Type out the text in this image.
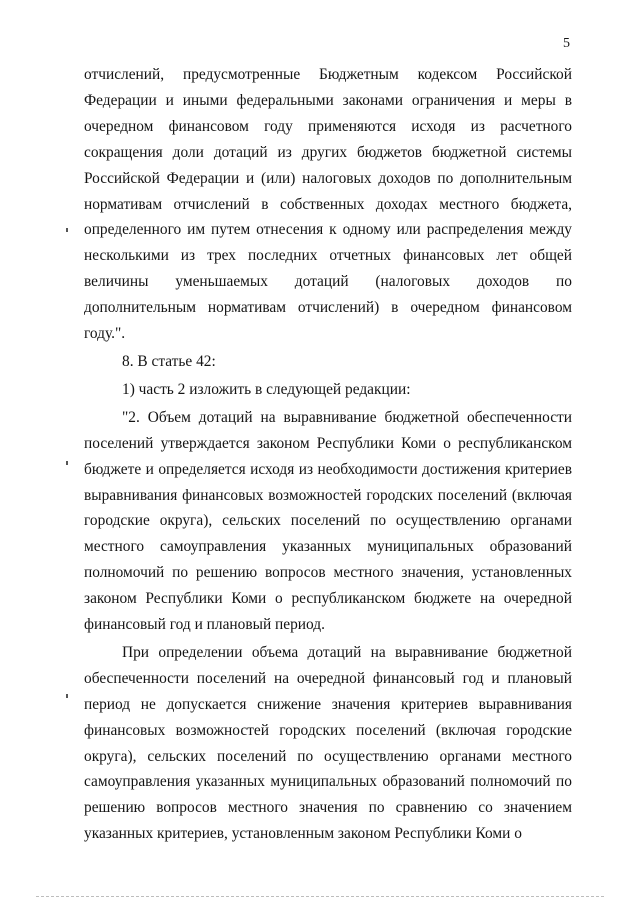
5

отчислений, предусмотренные Бюджетным кодексом Российской Федерации и иными федеральными законами ограничения и меры в очередном финансовом году применяются исходя из расчетного сокращения доли дотаций из других бюджетов бюджетной системы Российской Федерации и (или) налоговых доходов по дополнительным нормативам отчислений в собственных доходах местного бюджета, определенного им путем отнесения к одному или распределения между несколькими из трех последних отчетных финансовых лет общей величины уменьшаемых дотаций (налоговых доходов по дополнительным нормативам отчислений) в очередном финансовом году.".

8. В статье 42:

1) часть 2 изложить в следующей редакции:

"2. Объем дотаций на выравнивание бюджетной обеспеченности поселений утверждается законом Республики Коми о республиканском бюджете и определяется исходя из необходимости достижения критериев выравнивания финансовых возможностей городских поселений (включая городские округа), сельских поселений по осуществлению органами местного самоуправления указанных муниципальных образований полномочий по решению вопросов местного значения, установленных законом Республики Коми о республиканском бюджете на очередной финансовый год и плановый период.

При определении объема дотаций на выравнивание бюджетной обеспеченности поселений на очередной финансовый год и плановый период не допускается снижение значения критериев выравнивания финансовых возможностей городских поселений (включая городские округа), сельских поселений по осуществлению органами местного самоуправления указанных муниципальных образований полномочий по решению вопросов местного значения по сравнению со значением указанных критериев, установленным законом Республики Коми о
